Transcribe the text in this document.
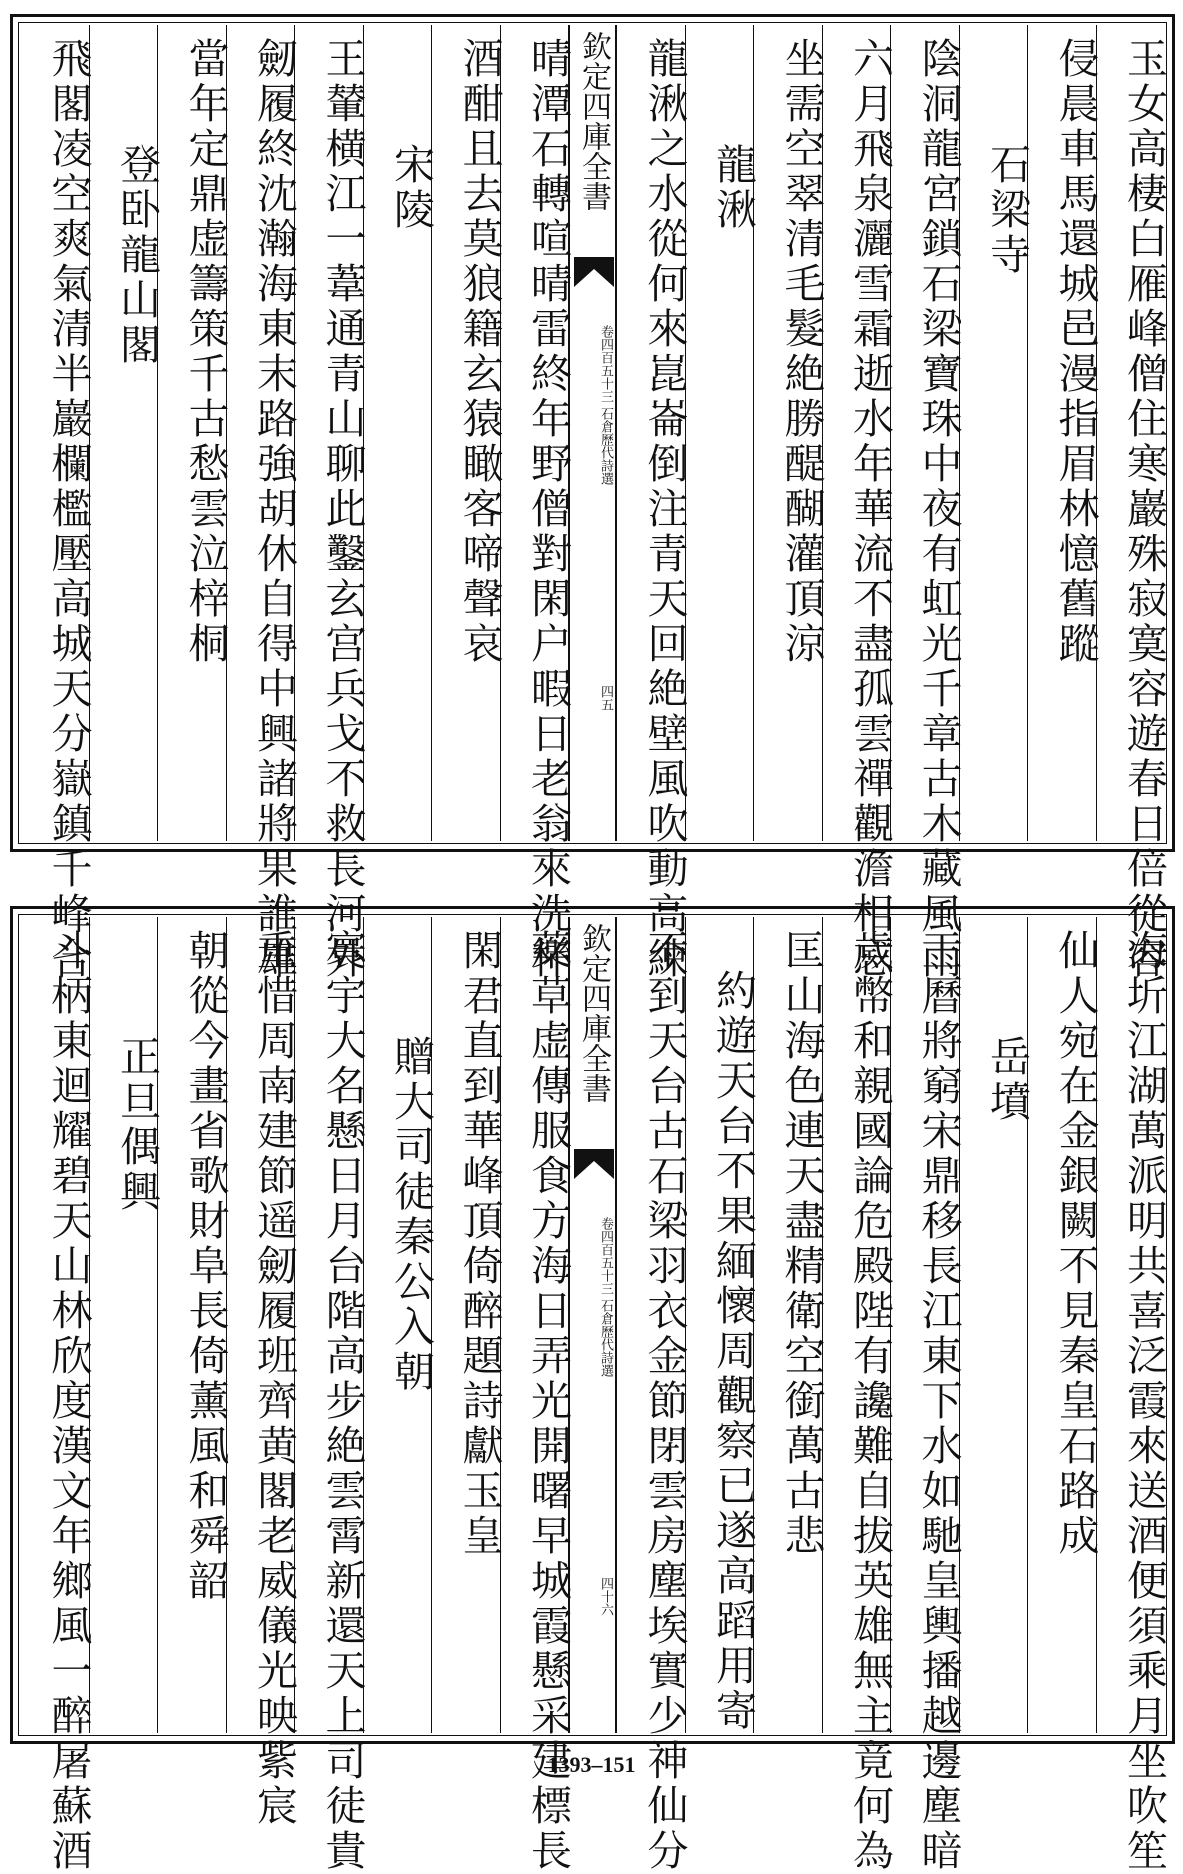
玉女高棲白雁峰僧住寒巖殊寂寞容遊春日倍從容
侵晨車馬還城邑漫指眉林憶舊蹤
石梁寺
陰洞龍宮鎖石梁寶珠中夜有虹光千章古木藏風雨
六月飛泉灑雪霜逝水年華流不盡孤雲禪觀澹相忘
坐需空翠清毛髮絶勝醍醐灌頂涼
龍湫
龍湫之水從何來崑崙倒注青天回絶壁風吹動高練
欽定四庫全書
石倉歷代詩選
卷四百五十三
四五
晴潭石轉喧晴雷終年野僧對閑户暇日老翁來洗杯
酒酣且去莫狼籍玄猿瞰客啼聲哀
宋陵
王輦横江一葦通青山聊此鑿玄宫兵戈不救長河外
劒履終沈瀚海東末路強胡休自得中興諸將果誰雄
當年定鼎虚籌策千古愁雲泣梓桐
登卧龍山閣
飛閣凌空爽氣清半巖欄檻壓高城天分嶽鎮千峰合
海圻江湖萬派明共喜泛霞來送酒便須乘月坐吹笙
仙人宛在金銀闕不見秦皇石路成
岳墳
王曆將窮宋鼎移長江東下水如馳皇輿播越邊塵暗
歲幣和親國論危殿陛有讒難自拔英雄無主竟何為
匡山海色連天盡精衛空銜萬古悲
約遊天台不果緬懷周觀察已遂高蹈用寄
不到天台古石梁羽衣金節閉雲房塵埃實少神仙分
欽定四庫全書
石倉歷代詩選
卷四百五十三
四十六
藥草虚傳服食方海日弄光開曙早城霞懸采建標長
閑君直到華峰頂倚醉題詩獻玉皇
贈大司徒秦公入朝
寰宇大名懸日月台階高步絶雲霄新還天上司徒貴
重惜周南建節遥劒履班齊黄閣老威儀光映紫宸
朝從今畫省歌財阜長倚薰風和舜韶
正旦偶興
斗柄東迴耀碧天山林欣度漢文年鄉風一醉屠蘇酒	1393–151
